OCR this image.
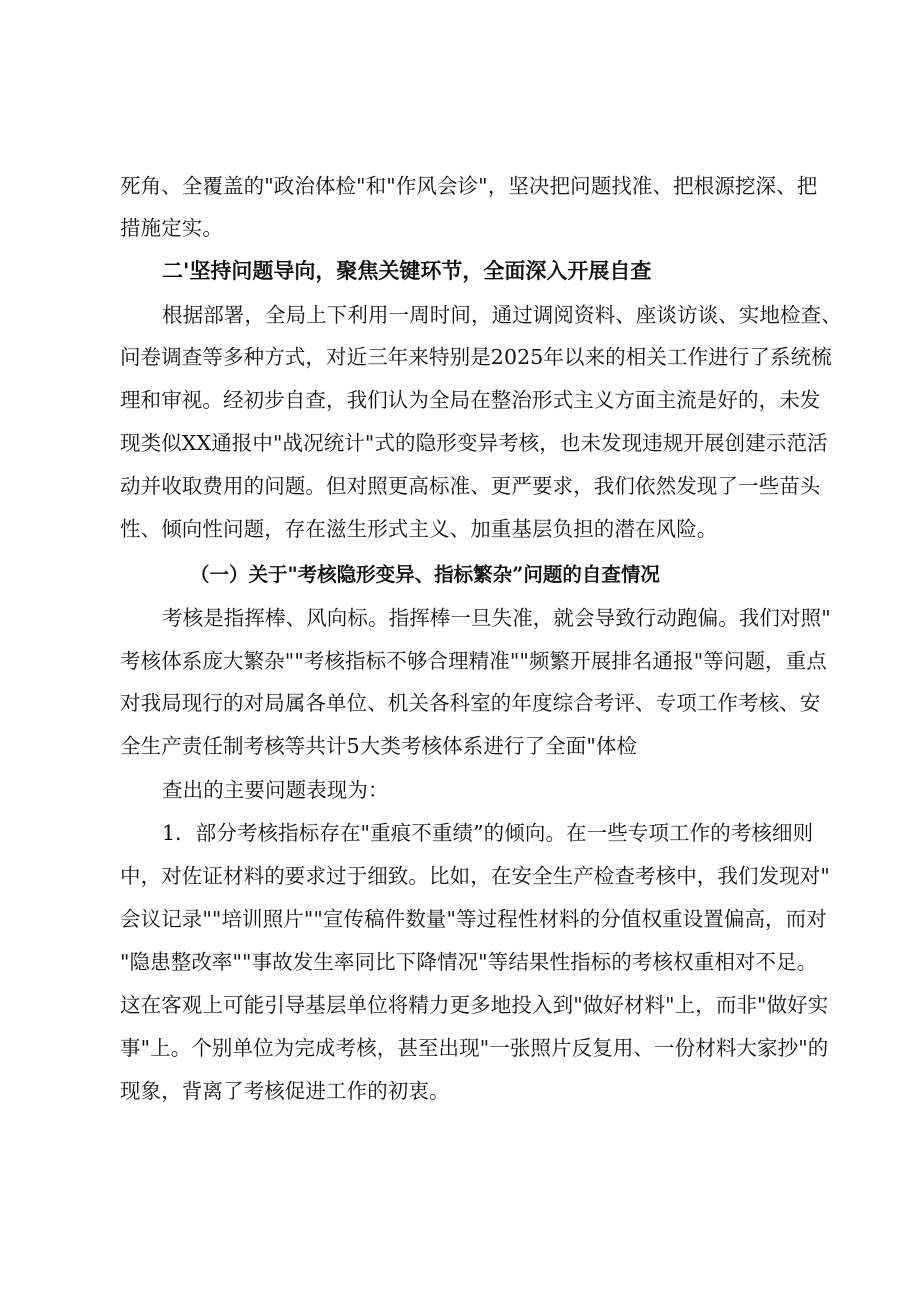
死角、全覆盖的"政治体检"和"作风会诊"，坚决把问题找准、把根源挖深、把

措施定实。

二'坚持问题导向，聚焦关键环节，全面深入开展自查

根据部署，全局上下利用一周时间，通过调阅资料、座谈访谈、实地检查、

问卷调查等多种方式，对近三年来特别是2025年以来的相关工作进行了系统梳

理和审视。经初步自查，我们认为全局在整治形式主义方面主流是好的，未发

现类似XX通报中"战况统计"式的隐形变异考核，也未发现违规开展创建示范活

动并收取费用的问题。但对照更高标准、更严要求，我们依然发现了一些苗头

性、倾向性问题，存在滋生形式主义、加重基层负担的潜在风险。

（一）关于"考核隐形变异、指标繁杂”问题的自查情况

考核是指挥棒、风向标。指挥棒一旦失准，就会导致行动跑偏。我们对照"

考核体系庞大繁杂""考核指标不够合理精准""频繁开展排名通报"等问题，重点

对我局现行的对局属各单位、机关各科室的年度综合考评、专项工作考核、安

全生产责任制考核等共计5大类考核体系进行了全面"体检

查出的主要问题表现为：

1．部分考核指标存在"重痕不重绩”的倾向。在一些专项工作的考核细则

中，对佐证材料的要求过于细致。比如，在安全生产检查考核中，我们发现对"

会议记录""培训照片""宣传稿件数量"等过程性材料的分值权重设置偏高，而对

"隐患整改率""事故发生率同比下降情况"等结果性指标的考核权重相对不足。

这在客观上可能引导基层单位将精力更多地投入到"做好材料"上，而非"做好实

事"上。个别单位为完成考核，甚至出现"一张照片反复用、一份材料大家抄"的

现象，背离了考核促进工作的初衷。
